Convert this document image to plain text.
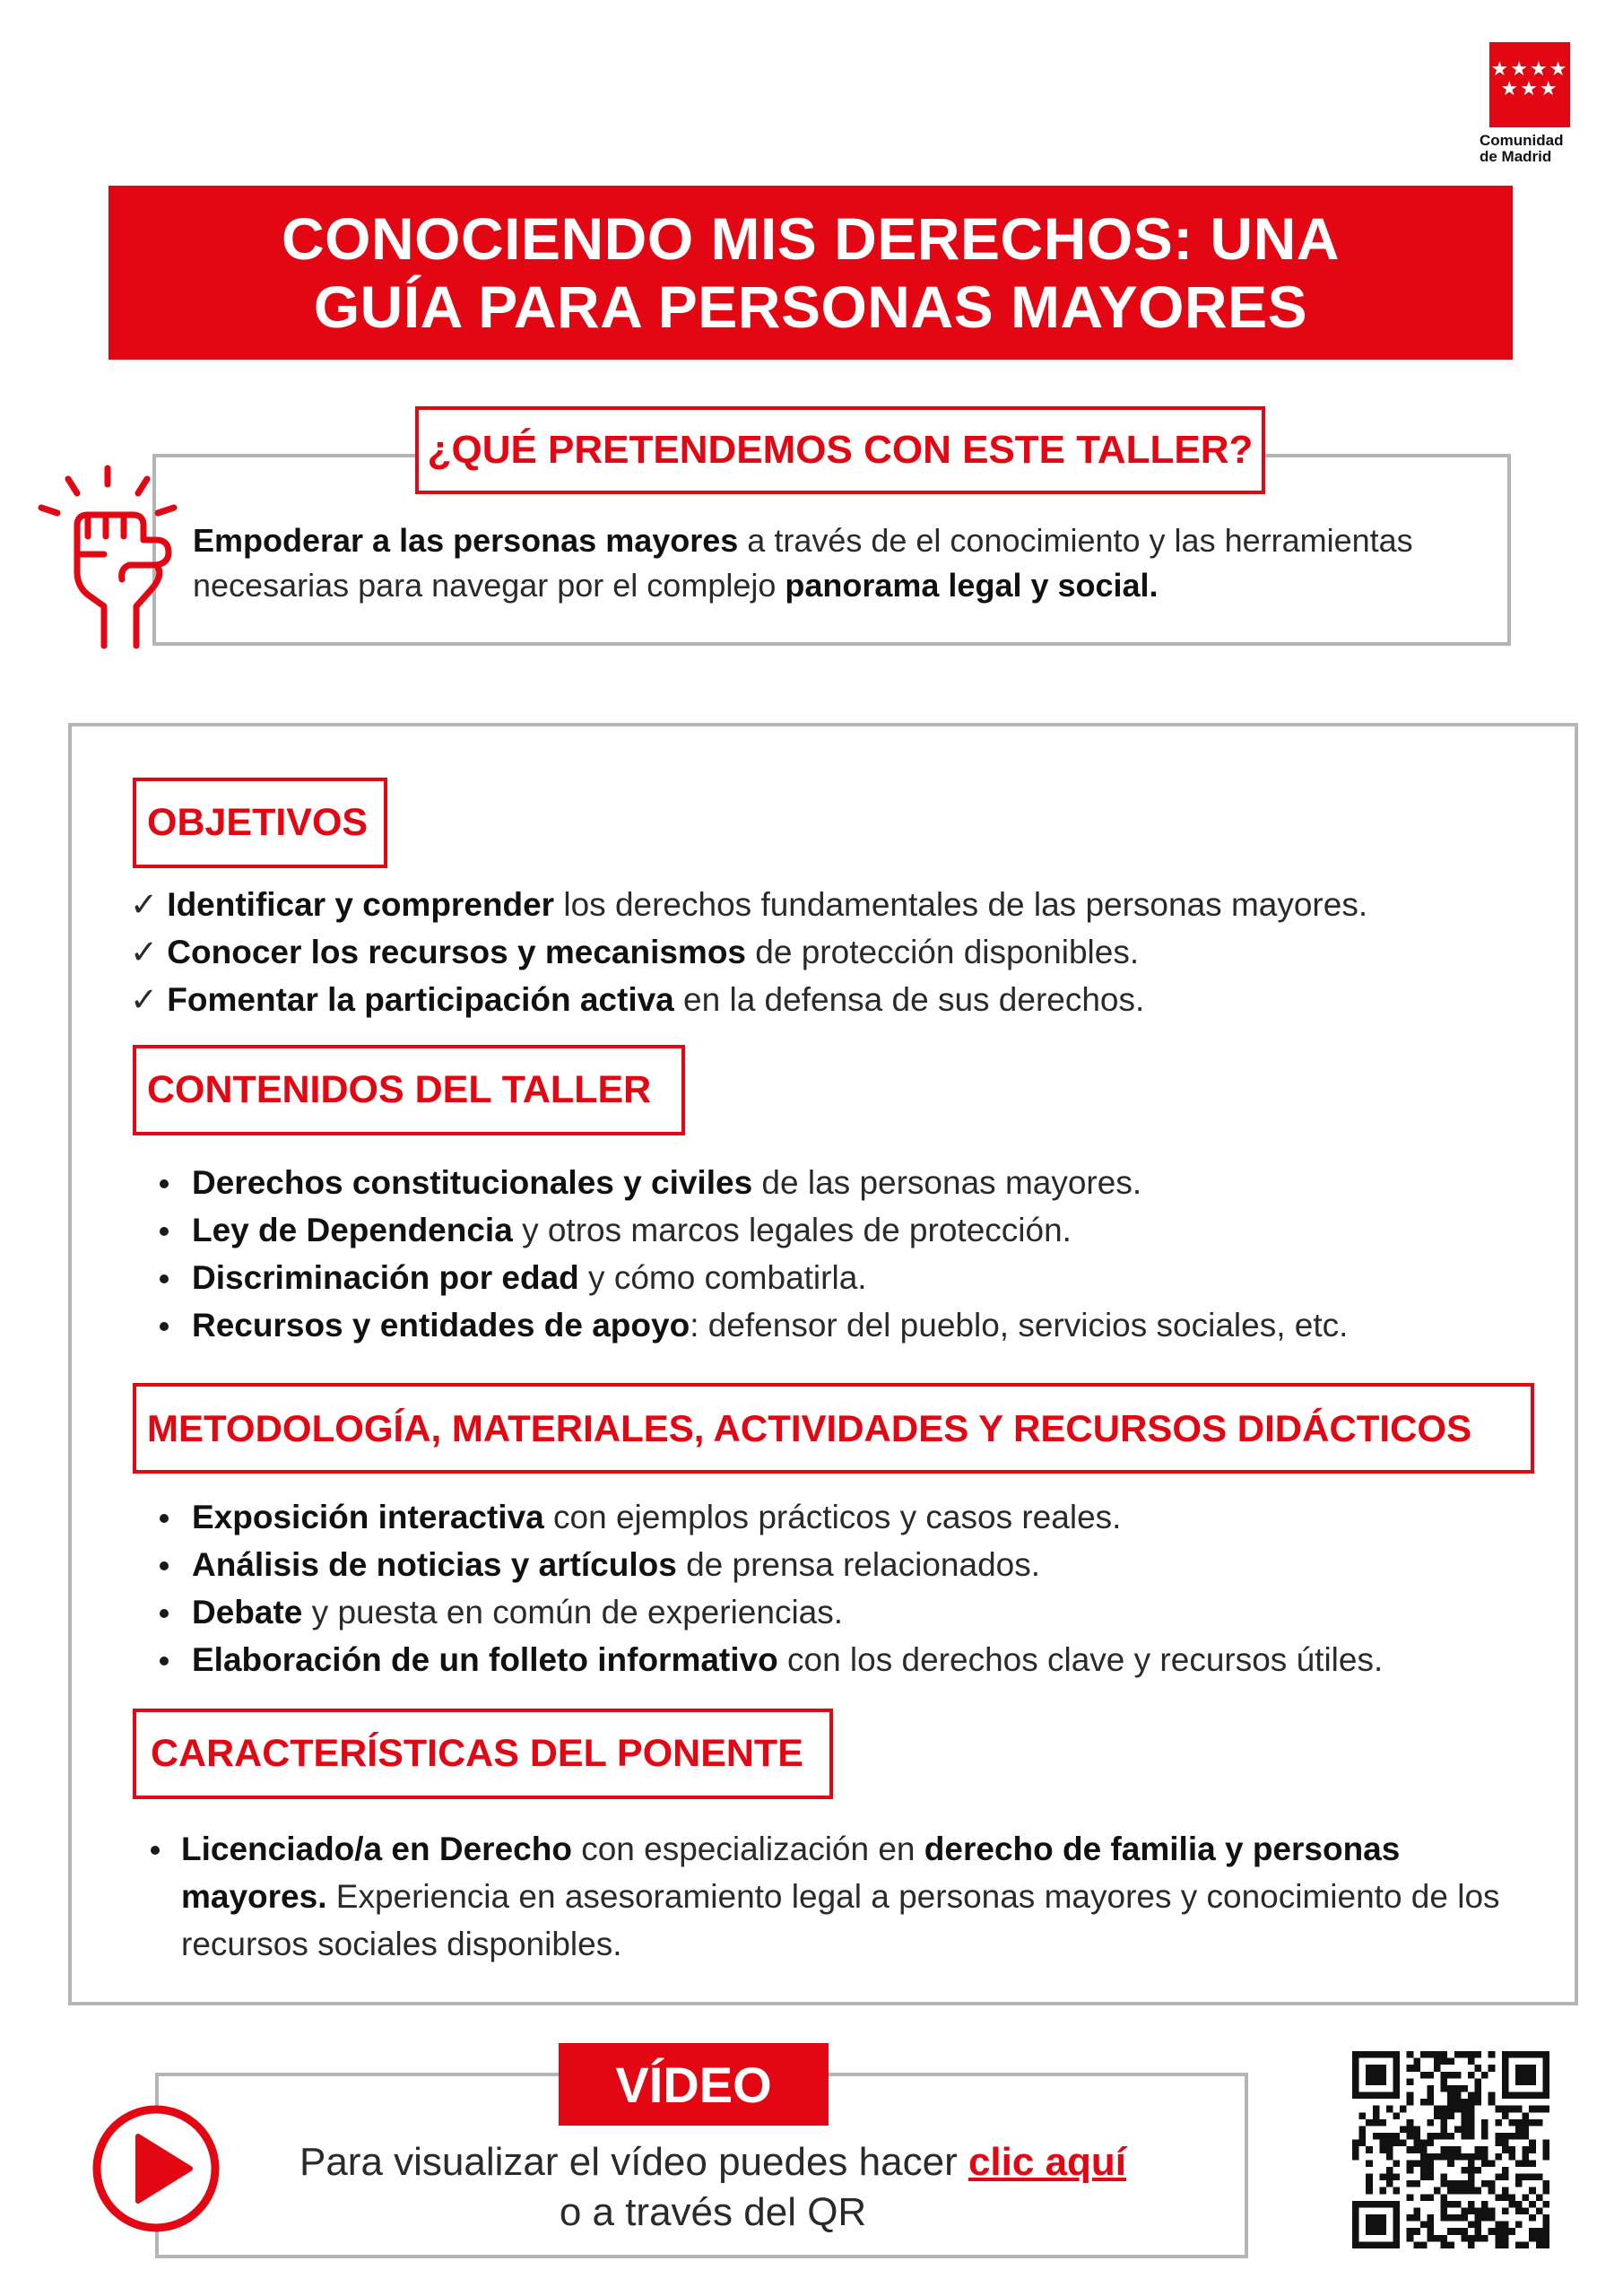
★★★★
★★★
Comunidad
de Madrid
CONOCIENDO MIS DERECHOS: UNA
GUÍA PARA PERSONAS MAYORES
¿QUÉ PRETENDEMOS CON ESTE TALLER?
Empoderar a las personas mayores a través de el conocimiento y las herramientas necesarias para navegar por el complejo panorama legal y social.
OBJETIVOS
✓ Identificar y comprender los derechos fundamentales de las personas mayores.
✓ Conocer los recursos y mecanismos de protección disponibles.
✓ Fomentar la participación activa en la defensa de sus derechos.
CONTENIDOS DEL TALLER
Derechos constitucionales y civiles de las personas mayores.
Ley de Dependencia y otros marcos legales de protección.
Discriminación por edad y cómo combatirla.
Recursos y entidades de apoyo: defensor del pueblo, servicios sociales, etc.
METODOLOGÍA, MATERIALES, ACTIVIDADES Y RECURSOS DIDÁCTICOS
Exposición interactiva con ejemplos prácticos y casos reales.
Análisis de noticias y artículos de prensa relacionados.
Debate y puesta en común de experiencias.
Elaboración de un folleto informativo con los derechos clave y recursos útiles.
CARACTERÍSTICAS DEL PONENTE
Licenciado/a en Derecho con especialización en derecho de familia y personas mayores. Experiencia en asesoramiento legal a personas mayores y conocimiento de los recursos sociales disponibles.
VÍDEO
Para visualizar el vídeo puedes hacer clic aquí
o a través del QR
